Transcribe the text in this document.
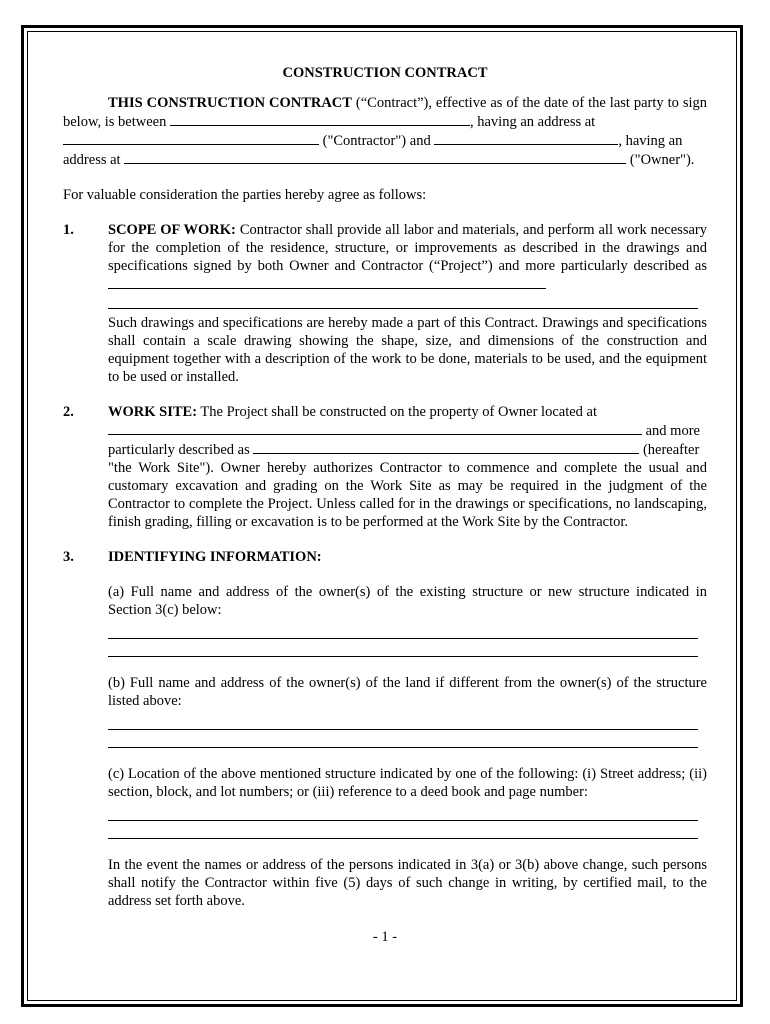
CONSTRUCTION CONTRACT

THIS CONSTRUCTION CONTRACT (“Contract”), effective as of the date of the last party to sign below, is between	, having an address at
("Contractor") and	, having an
address at	("Owner").

For valuable consideration the parties hereby agree as follows:

1. SCOPE OF WORK: Contractor shall provide all labor and materials, and perform all work necessary for the completion of the residence, structure, or improvements as described in the drawings and specifications signed by both Owner and Contractor (“Project”) and more particularly described as

Such drawings and specifications are hereby made a part of this Contract. Drawings and specifications shall contain a scale drawing showing the shape, size, and dimensions of the construction and equipment together with a description of the work to be done, materials to be used, and the equipment to be used or installed.

2. WORK SITE: The Project shall be constructed on the property of Owner located at
and more
particularly described as	(hereafter
"the Work Site"). Owner hereby authorizes Contractor to commence and complete the usual and customary excavation and grading on the Work Site as may be required in the judgment of the Contractor to complete the Project. Unless called for in the drawings or specifications, no landscaping, finish grading, filling or excavation is to be performed at the Work Site by the Contractor.

3. IDENTIFYING INFORMATION:

(a) Full name and address of the owner(s) of the existing structure or new structure indicated in Section 3(c) below:

(b) Full name and address of the owner(s) of the land if different from the owner(s) of the structure listed above:

(c) Location of the above mentioned structure indicated by one of the following: (i) Street address; (ii) section, block, and lot numbers; or (iii) reference to a deed book and page number:

In the event the names or address of the persons indicated in 3(a) or 3(b) above change, such persons shall notify the Contractor within five (5) days of such change in writing, by certified mail, to the address set forth above.

- 1 -
